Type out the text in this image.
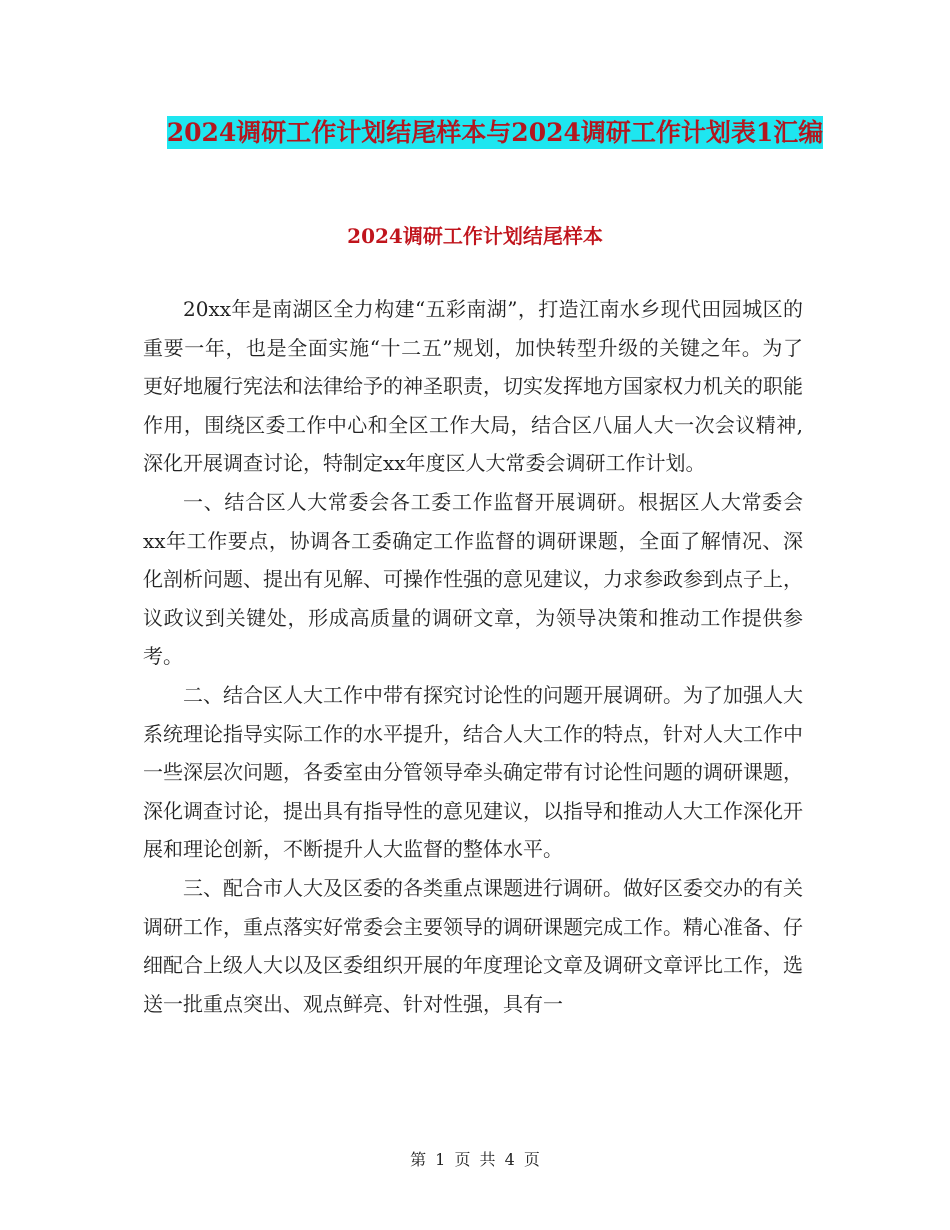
2024调研工作计划结尾样本与2024调研工作计划表1汇编
2024调研工作计划结尾样本

20xx年是南湖区全力构建“五彩南湖”，打造江南水乡现代田园城区的重要一年，也是全面实施“十二五”规划，加快转型升级的关键之年。为了更好地履行宪法和法律给予的神圣职责，切实发挥地方国家权力机关的职能作用，围绕区委工作中心和全区工作大局，结合区八届人大一次会议精神,深化开展调查讨论，特制定xx年度区人大常委会调研工作计划。

一、结合区人大常委会各工委工作监督开展调研。根据区人大常委会xx年工作要点，协调各工委确定工作监督的调研课题，全面了解情况、深化剖析问题、提出有见解、可操作性强的意见建议，力求参政参到点子上，议政议到关键处，形成高质量的调研文章，为领导决策和推动工作提供参考。

二、结合区人大工作中带有探究讨论性的问题开展调研。为了加强人大系统理论指导实际工作的水平提升，结合人大工作的特点，针对人大工作中一些深层次问题，各委室由分管领导牵头确定带有讨论性问题的调研课题，深化调查讨论，提出具有指导性的意见建议，以指导和推动人大工作深化开展和理论创新，不断提升人大监督的整体水平。

三、配合市人大及区委的各类重点课题进行调研。做好区委交办的有关调研工作，重点落实好常委会主要领导的调研课题完成工作。精心准备、仔细配合上级人大以及区委组织开展的年度理论文章及调研文章评比工作，选送一批重点突出、观点鲜亮、针对性强，具有一

第 1 页 共 4 页
